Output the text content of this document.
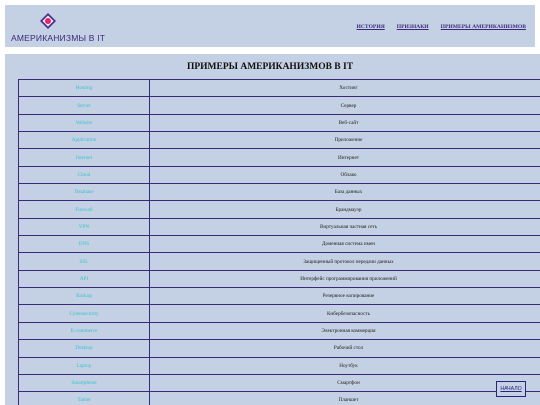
АМЕРИКАНИЗМЫ В IT
ИСТОРИЯ ПРИЗНАКИ ПРИМЕРЫ АМЕРИКАНИЗМОВ
ПРИМЕРЫ АМЕРИКАНИЗМОВ В IT
Hosting	Хостинг
Server	Сервер
Website	Веб-сайт
Application	Приложение
Internet	Интернет
Cloud	Облако
Database	База данных
Firewall	Брандмауэр
VPN	Виртуальная частная сеть
DNS	Доменная система имен
SSL	Защищенный протокол передачи данных
API	Интерфейс программирования приложений
Backup	Резервное копирование
Cybersecurity	Кибербезопасность
E-commerce	Электронная коммерция
Desktop	Рабочий стол
Laptop	Ноутбук
Smartphone	Смартфон
Tablet	Планшет
НАЧАЛО
